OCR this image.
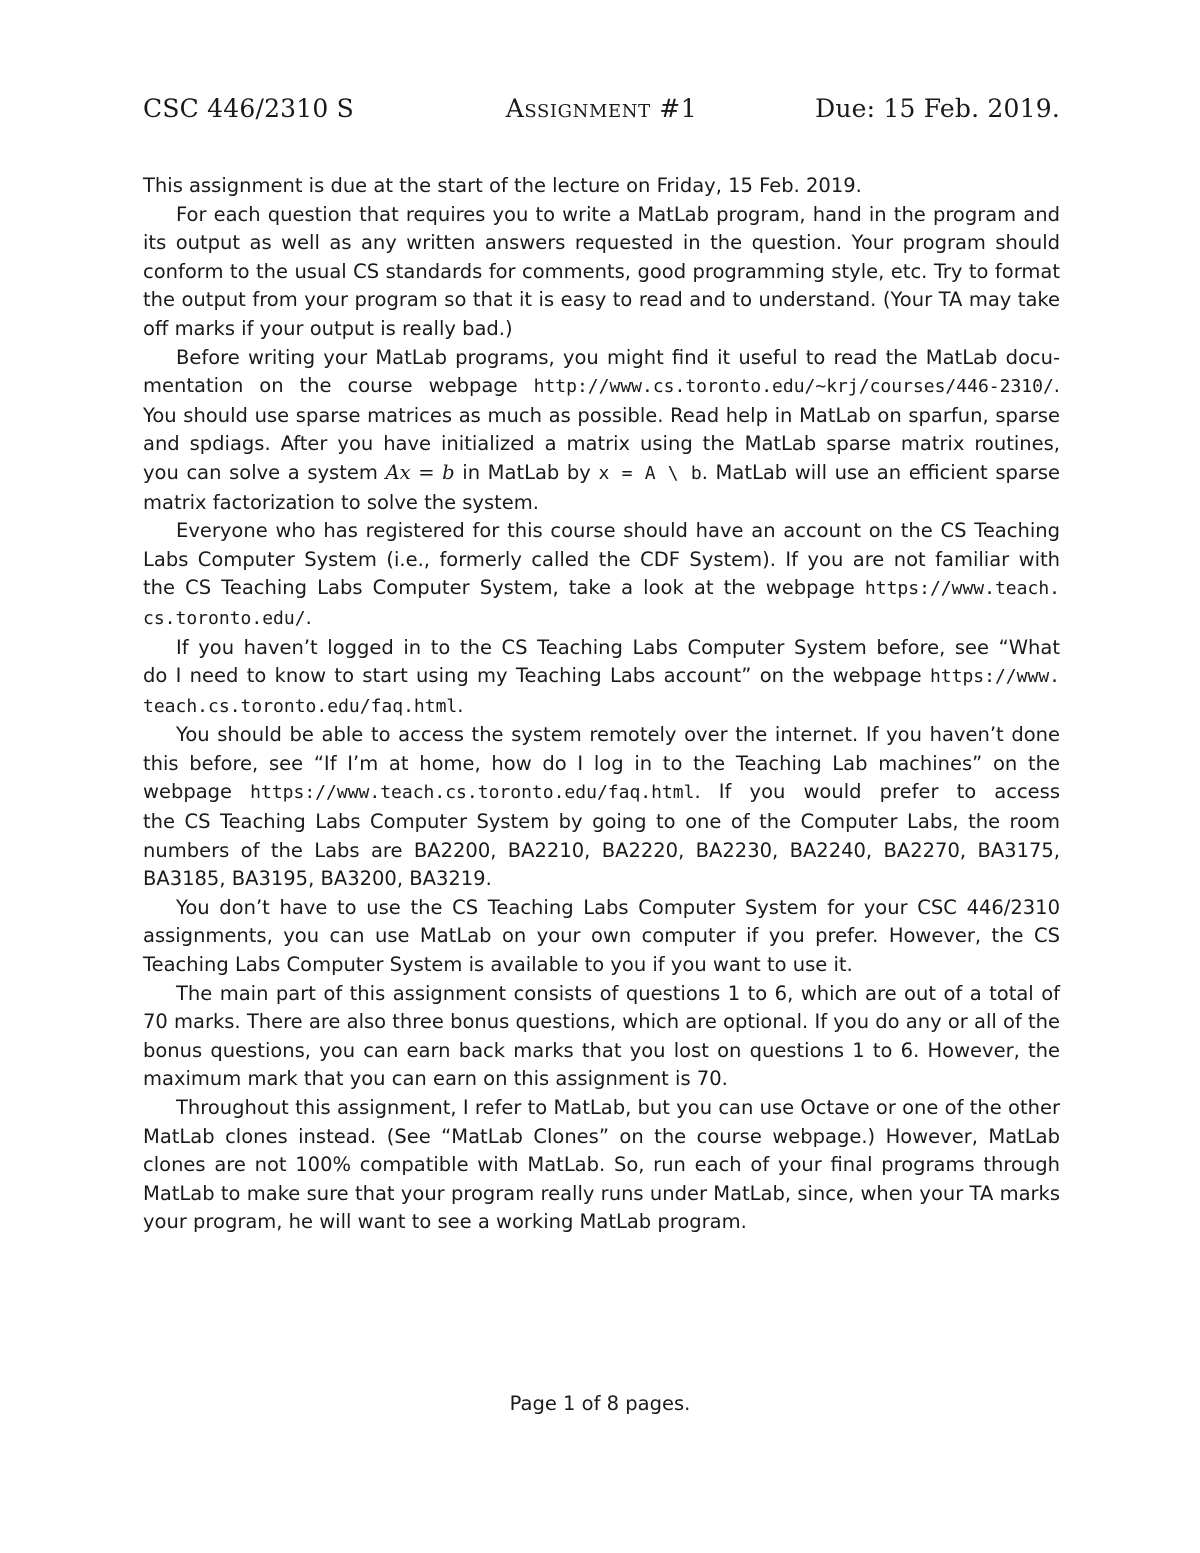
CSC 446/2310 S	Assignment #1	Due: 15 Feb. 2019.

This assignment is due at the start of the lecture on Friday, 15 Feb. 2019.

For each question that requires you to write a MatLab program, hand in the program and its output as well as any written answers requested in the question. Your program should conform to the usual CS standards for comments, good programming style, etc. Try to format the output from your program so that it is easy to read and to understand. (Your TA may take off marks if your output is really bad.)

Before writing your MatLab programs, you might find it useful to read the MatLab docu-
mentation on the course webpage http://www.cs.toronto.edu/~krj/courses/446-2310/.
You should use sparse matrices as much as possible. Read help in MatLab on sparfun, sparse
and spdiags. After you have initialized a matrix using the MatLab sparse matrix routines,
you can solve a system Ax = b in MatLab by x = A \ b. MatLab will use an efficient sparse
matrix factorization to solve the system.

Everyone who has registered for this course should have an account on the CS Teaching
Labs Computer System (i.e., formerly called the CDF System). If you are not familiar with
the CS Teaching Labs Computer System, take a look at the webpage https://www.teach.
cs.toronto.edu/.

If you haven’t logged in to the CS Teaching Labs Computer System before, see “What
do I need to know to start using my Teaching Labs account” on the webpage https://www.
teach.cs.toronto.edu/faq.html.

You should be able to access the system remotely over the internet. If you haven’t done
this before, see “If I’m at home, how do I log in to the Teaching Lab machines” on the
webpage https://www.teach.cs.toronto.edu/faq.html. If you would prefer to access
the CS Teaching Labs Computer System by going to one of the Computer Labs, the room
numbers of the Labs are BA2200, BA2210, BA2220, BA2230, BA2240, BA2270, BA3175,
BA3185, BA3195, BA3200, BA3219.

You don’t have to use the CS Teaching Labs Computer System for your CSC 446/2310 assignments, you can use MatLab on your own computer if you prefer. However, the CS Teaching Labs Computer System is available to you if you want to use it.

The main part of this assignment consists of questions 1 to 6, which are out of a total of 70 marks. There are also three bonus questions, which are optional. If you do any or all of the bonus questions, you can earn back marks that you lost on questions 1 to 6. However, the maximum mark that you can earn on this assignment is 70.

Throughout this assignment, I refer to MatLab, but you can use Octave or one of the other MatLab clones instead. (See “MatLab Clones” on the course webpage.) However, MatLab clones are not 100% compatible with MatLab. So, run each of your final programs through MatLab to make sure that your program really runs under MatLab, since, when your TA marks your program, he will want to see a working MatLab program.

Page 1 of 8 pages.
